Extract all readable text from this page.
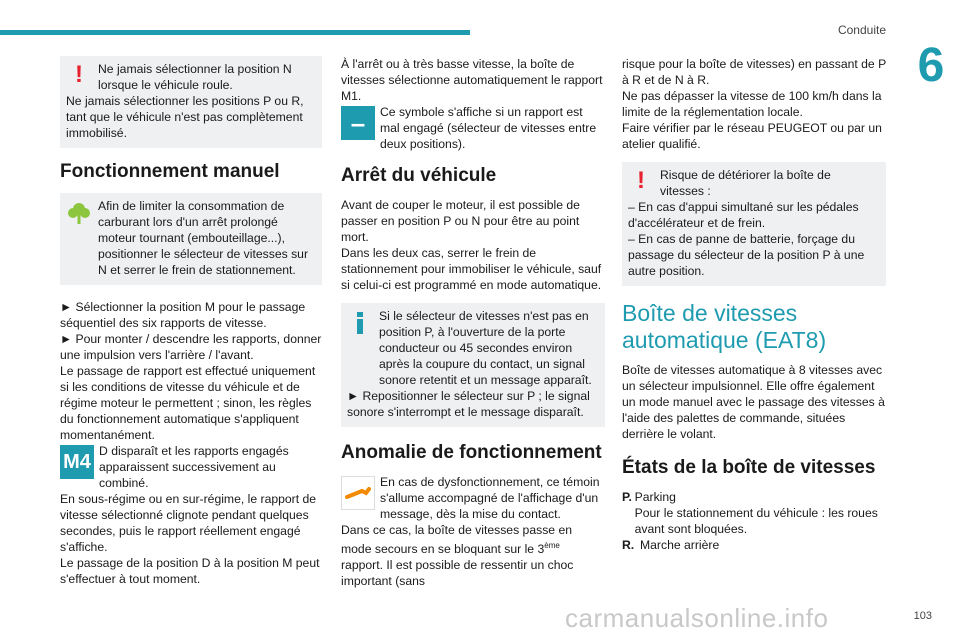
Conduite
6
!	Ne jamais sélectionner la position N lorsque le véhicule roule.

Ne jamais sélectionner les positions P ou R, tant que le véhicule n'est pas complètement immobilisé.

Fonctionnement manuel

Afin de limiter la consommation de carburant lors d'un arrêt prolongé moteur tournant (embouteillage...), positionner le sélecteur de vitesses sur N et serrer le frein de stationnement.

► Sélectionner la position M pour le passage séquentiel des six rapports de vitesse.

► Pour monter / descendre les rapports, donner une impulsion vers l'arrière / l'avant.

Le passage de rapport est effectué uniquement si les conditions de vitesse du véhicule et de régime moteur le permettent ; sinon, les règles du fonctionnement automatique s'appliquent momentanément.

M4 D disparaît et les rapports engagés apparaissent successivement au combiné.

En sous-régime ou en sur-régime, le rapport de vitesse sélectionné clignote pendant quelques secondes, puis le rapport réellement engagé s'affiche.

Le passage de la position D à la position M peut s'effectuer à tout moment.

À l'arrêt ou à très basse vitesse, la boîte de vitesses sélectionne automatiquement le rapport M1.

–	Ce symbole s'affiche si un rapport est mal engagé (sélecteur de vitesses entre deux positions).

Arrêt du véhicule

Avant de couper le moteur, il est possible de passer en position P ou N pour être au point mort.

Dans les deux cas, serrer le frein de stationnement pour immobiliser le véhicule, sauf si celui-ci est programmé en mode automatique.

Si le sélecteur de vitesses n'est pas en position P, à l'ouverture de la porte conducteur ou 45 secondes environ après la coupure du contact, un signal sonore retentit et un message apparaît.

► Repositionner le sélecteur sur P ; le signal sonore s'interrompt et le message disparaît.

Anomalie de fonctionnement

En cas de dysfonctionnement, ce témoin s'allume accompagné de l'affichage d'un message, dès la mise du contact.

Dans ce cas, la boîte de vitesses passe en mode secours en se bloquant sur le 3ème rapport. Il est possible de ressentir un choc important (sans

risque pour la boîte de vitesses) en passant de P à R et de N à R.

Ne pas dépasser la vitesse de 100 km/h dans la limite de la réglementation locale.

Faire vérifier par le réseau PEUGEOT ou par un atelier qualifié.

!	Risque de détériorer la boîte de vitesses :

– En cas d'appui simultané sur les pédales d'accélérateur et de frein.

– En cas de panne de batterie, forçage du passage du sélecteur de la position P à une autre position.

Boîte de vitesses automatique (EAT8)

Boîte de vitesses automatique à 8 vitesses avec un sélecteur impulsionnel. Elle offre également un mode manuel avec le passage des vitesses à l'aide des palettes de commande, situées derrière le volant.

États de la boîte de vitesses
P. Parking

Pour le stationnement du véhicule : les roues avant sont bloquées.

R. Marche arrière

carmanualsonline.info	103
